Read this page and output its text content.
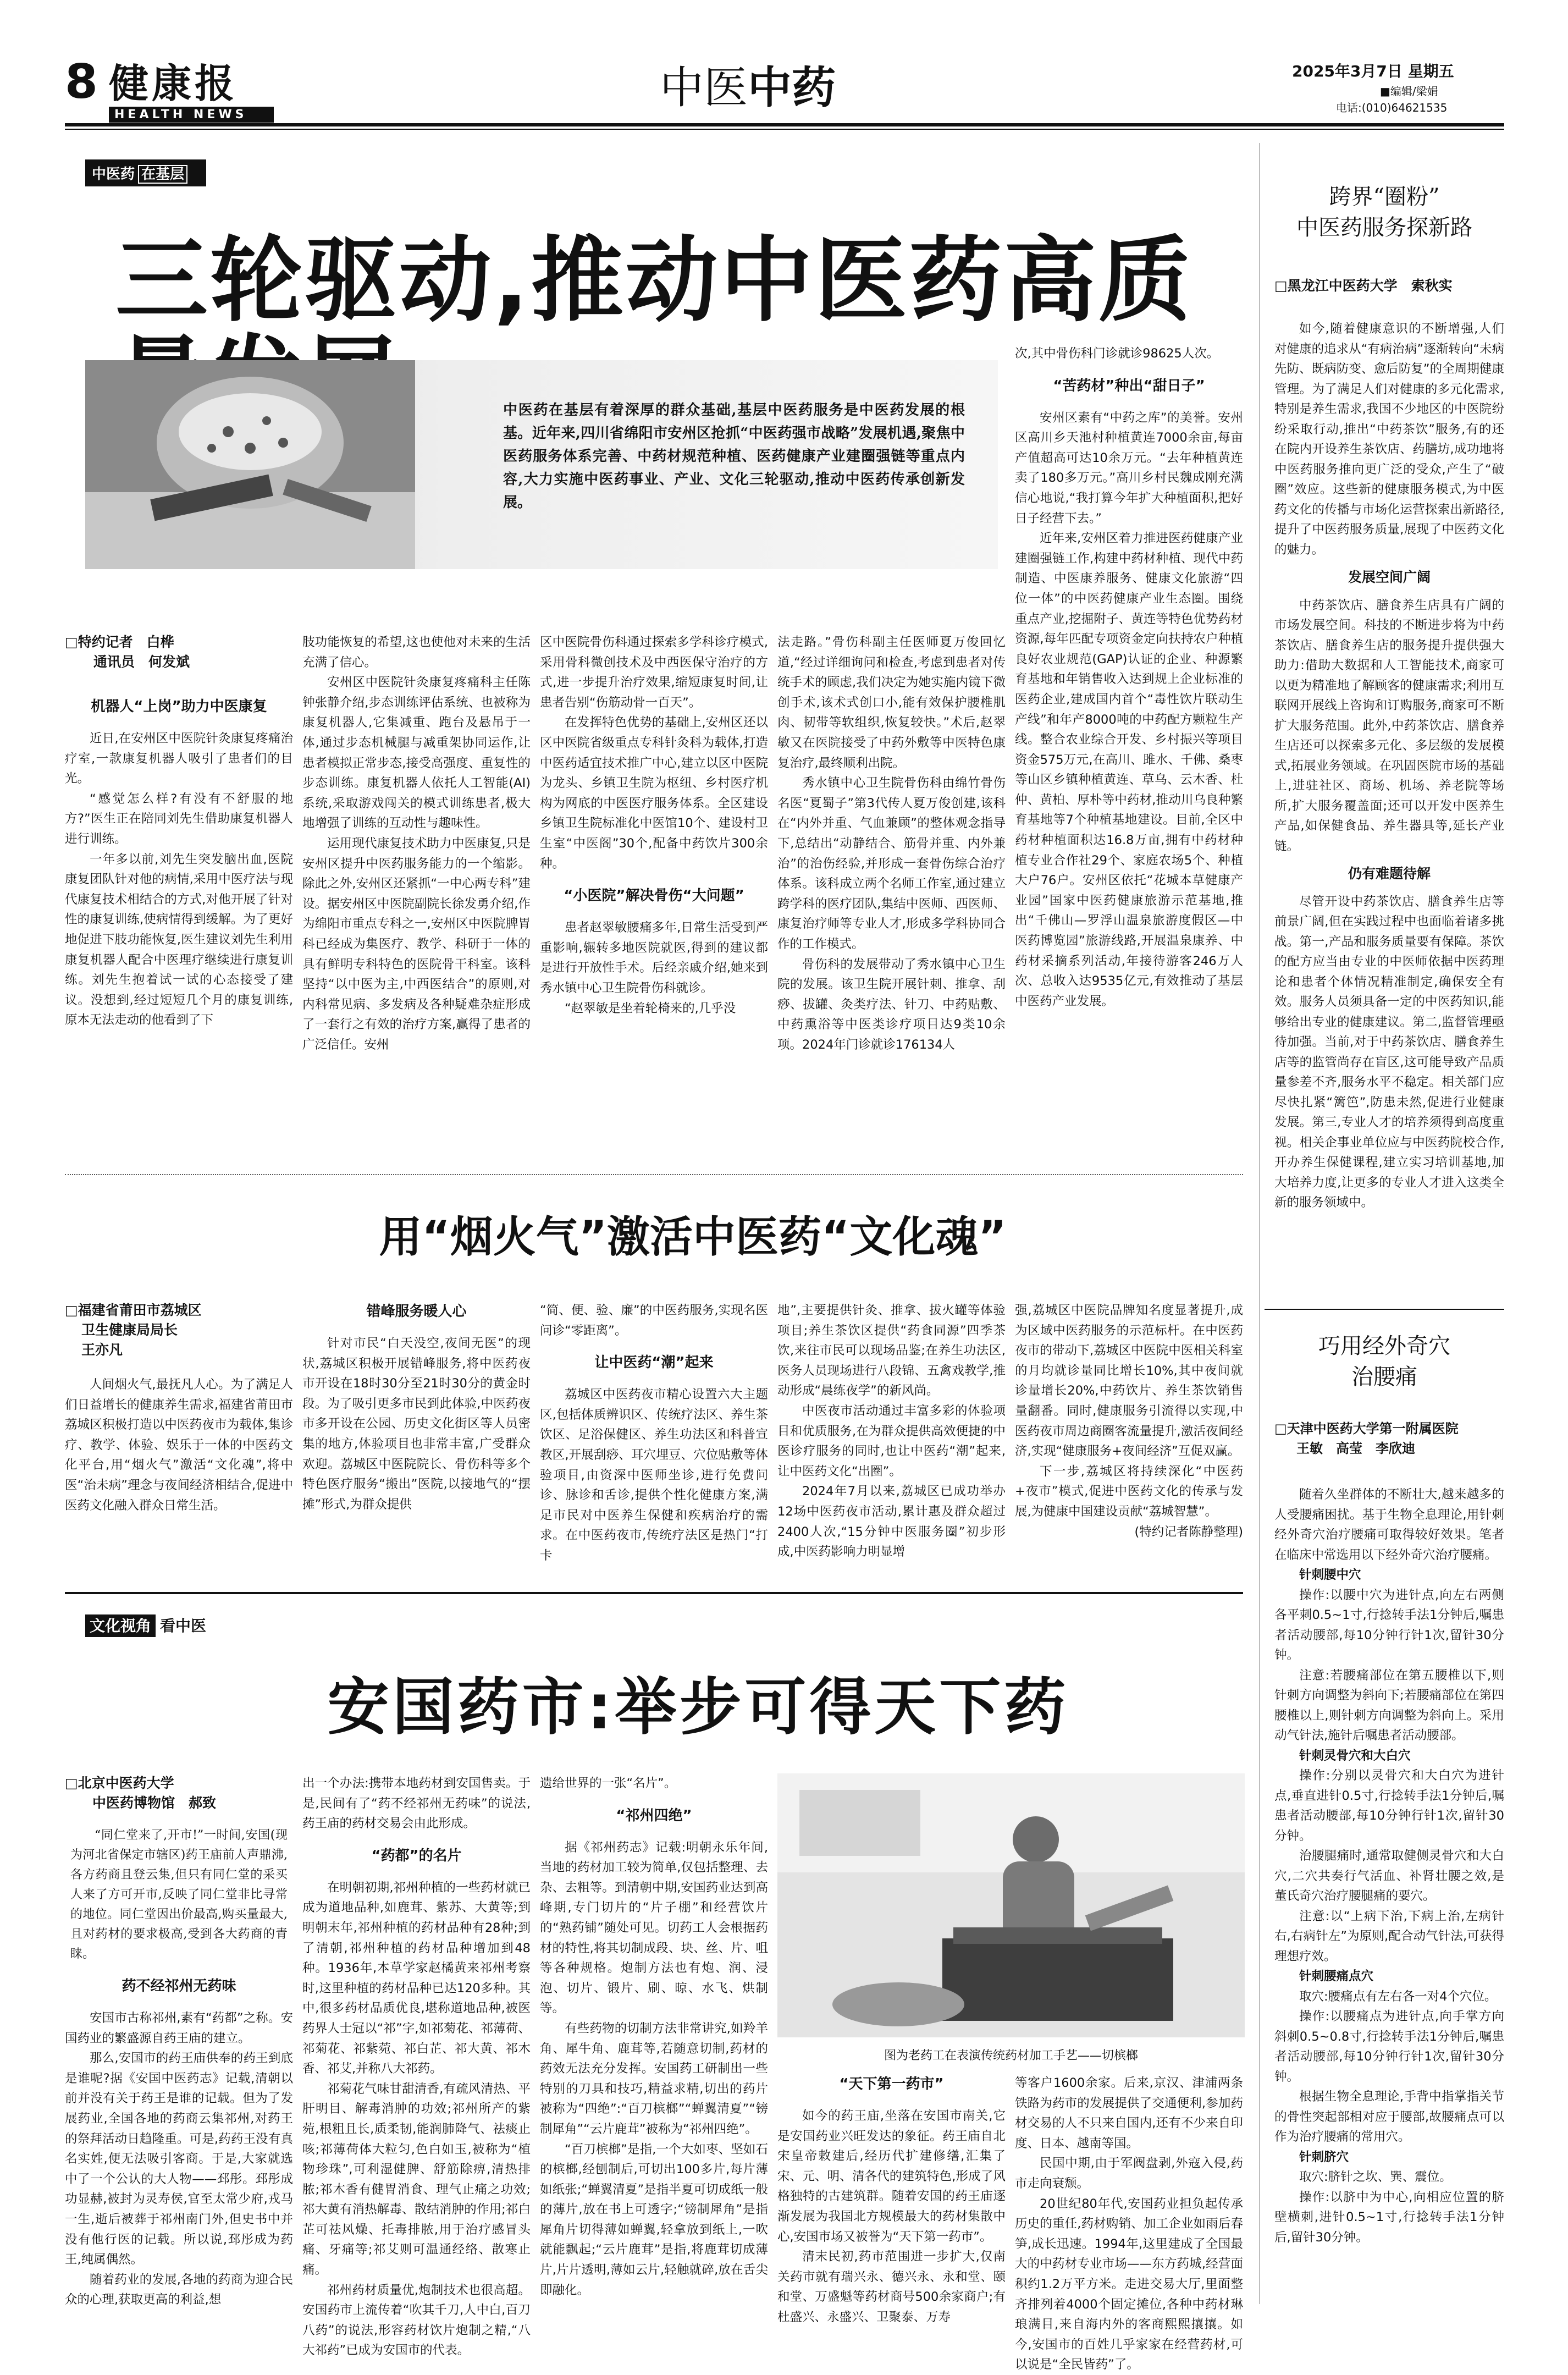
8 健康报
HEALTH NEWS
中医中药	2025年3月7日 星期五
■编辑/梁娟
电话:(010)64621535
中医药 在基层
三轮驱动,推动中医药高质
中医药在基层有着深厚的群众基础,基层中医药服务是中医药发展的根基。近年来,四川省绵阳市安州区抢抓“中医药强市战略”发展机遇,聚焦中医药服务体系完善、中药材规范种植、医药健康产业建圈强链等重点内容,大力实施中医药事业、产业、文化三轮驱动,推动中医药传承创新发展。
□特约记者　白桦
通讯员　何发斌
机器人“上岗”助力中医康复

近日,在安州区中医院针灸康复疼痛治疗室,一款康复机器人吸引了患者们的目光。

“感觉怎么样?有没有不舒服的地方?”医生正在陪同刘先生借助康复机器人进行训练。

一年多以前,刘先生突发脑出血,医院康复团队针对他的病情,采用中医疗法与现代康复技术相结合的方式,对他开展了针对性的康复训练,使病情得到缓解。为了更好地促进下肢功能恢复,医生建议刘先生利用康复机器人配合中医理疗继续进行康复训练。刘先生抱着试一试的心态接受了建议。没想到,经过短短几个月的康复训练,原本无法走动的他看到了下

肢功能恢复的希望,这也使他对未来的生活充满了信心。

安州区中医院针灸康复疼痛科主任陈钟张静介绍,步态训练评估系统、也被称为康复机器人,它集减重、跑台及悬吊于一体,通过步态机械腿与减重架协同运作,让患者模拟正常步态,接受高强度、重复性的步态训练。康复机器人依托人工智能(AI)系统,采取游戏闯关的模式训练患者,极大地增强了训练的互动性与趣味性。

运用现代康复技术助力中医康复,只是安州区提升中医药服务能力的一个缩影。除此之外,安州区还紧抓“一中心两专科”建设。据安州区中医院副院长徐发勇介绍,作为绵阳市重点专科之一,安州区中医院脾胃科已经成为集医疗、教学、科研于一体的具有鲜明专科特色的医院骨干科室。该科坚持“以中医为主,中西医结合”的原则,对内科常见病、多发病及各种疑难杂症形成了一套行之有效的治疗方案,赢得了患者的广泛信任。安州

区中医院骨伤科通过探索多学科诊疗模式,采用骨科微创技术及中西医保守治疗的方式,进一步提升治疗效果,缩短康复时间,让患者告别“伤筋动骨一百天”。

在发挥特色优势的基础上,安州区还以区中医院省级重点专科针灸科为载体,打造中医药适宜技术推广中心,建立以区中医院为龙头、乡镇卫生院为枢纽、乡村医疗机构为网底的中医医疗服务体系。全区建设乡镇卫生院标准化中医馆10个、建设村卫生室“中医阁”30个,配备中药饮片300余种。

“小医院”解决骨伤“大问题”

患者赵翠敏腰痛多年,日常生活受到严重影响,辗转多地医院就医,得到的建议都是进行开放性手术。后经亲戚介绍,她来到秀水镇中心卫生院骨伤科就诊。

“赵翠敏是坐着轮椅来的,几乎没

法走路。”骨伤科副主任医师夏万俊回忆道,“经过详细询问和检查,考虑到患者对传统手术的顾虑,我们决定为她实施内镜下微创手术,该术式创口小,能有效保护腰椎肌肉、韧带等软组织,恢复较快。”术后,赵翠敏又在医院接受了中药外敷等中医特色康复治疗,最终顺利出院。

秀水镇中心卫生院骨伤科由绵竹骨伤名医“夏蜀子”第3代传人夏万俊创建,该科在“内外并重、气血兼顾”的整体观念指导下,总结出“动静结合、筋骨并重、内外兼治”的治伤经验,并形成一套骨伤综合治疗体系。该科成立两个名师工作室,通过建立跨学科的医疗团队,集结中医师、西医师、康复治疗师等专业人才,形成多学科协同合作的工作模式。

骨伤科的发展带动了秀水镇中心卫生院的发展。该卫生院开展针刺、推拿、刮痧、拔罐、灸类疗法、针刀、中药贴敷、中药熏浴等中医类诊疗项目达9类10余项。2024年门诊就诊176134人

次,其中骨伤科门诊就诊98625人次。

“苦药材”种出“甜日子”

安州区素有“中药之库”的美誉。安州区高川乡天池村种植黄连7000余亩,每亩产值超高可达10余万元。“去年种植黄连卖了180多万元。”高川乡村民魏成刚充满信心地说,“我打算今年扩大种植面积,把好日子经营下去。”

近年来,安州区着力推进医药健康产业建圈强链工作,构建中药材种植、现代中药制造、中医康养服务、健康文化旅游“四位一体”的中医药健康产业生态圈。围绕重点产业,挖掘附子、黄连等特色优势药材资源,每年匹配专项资金定向扶持农户种植良好农业规范(GAP)认证的企业、种源繁育基地和年销售收入达到规上企业标准的医药企业,建成国内首个“毒性饮片联动生产线”和年产8000吨的中药配方颗粒生产线。整合农业综合开发、乡村振兴等项目资金575万元,在高川、雎水、千佛、桑枣等山区乡镇种植黄连、草乌、云木香、杜仲、黄柏、厚朴等中药材,推动川乌良种繁育基地等7个种植基地建设。目前,全区中药材种植面积达16.8万亩,拥有中药材种植专业合作社29个、家庭农场5个、种植大户76户。安州区依托“花城本草健康产业园”国家中医药健康旅游示范基地,推出“千佛山—罗浮山温泉旅游度假区—中医药博览园”旅游线路,开展温泉康养、中药材采摘系列活动,年接待游客246万人次、总收入达9535亿元,有效推动了基层中医药产业发展。

用“烟火气”激活中医药“文化魂”
□福建省莆田市荔城区
卫生健康局局长
王亦凡

人间烟火气,最抚凡人心。为了满足人们日益增长的健康养生需求,福建省莆田市荔城区积极打造以中医药夜市为载体,集诊疗、教学、体验、娱乐于一体的中医药文化平台,用“烟火气”激活“文化魂”,将中医“治未病”理念与夜间经济相结合,促进中医药文化融入群众日常生活。

错峰服务暖人心

针对市民“白天没空,夜间无医”的现状,荔城区积极开展错峰服务,将中医药夜市开设在18时30分至21时30分的黄金时段。为了吸引更多市民到此体验,中医药夜市多开设在公园、历史文化街区等人员密集的地方,体验项目也非常丰富,广受群众欢迎。荔城区中医院院长、骨伤科等多个特色医疗服务“搬出”医院,以接地气的“摆摊”形式,为群众提供

“简、便、验、廉”的中医药服务,实现名医问诊“零距离”。

让中医药“潮”起来

荔城区中医药夜市精心设置六大主题区,包括体质辨识区、传统疗法区、养生茶饮区、足浴保健区、养生功法区和科普宣教区,开展刮痧、耳穴埋豆、穴位贴敷等体验项目,由资深中医师坐诊,进行免费问诊、脉诊和舌诊,提供个性化健康方案,满足市民对中医养生保健和疾病治疗的需求。在中医药夜市,传统疗法区是热门“打卡

地”,主要提供针灸、推拿、拔火罐等体验项目;养生茶饮区提供“药食同源”四季茶饮,来往市民可以现场品鉴;在养生功法区,医务人员现场进行八段锦、五禽戏教学,推动形成“晨练夜学”的新风尚。

中医夜市活动通过丰富多彩的体验项目和优质服务,在为群众提供高效便捷的中医诊疗服务的同时,也让中医药“潮”起来,让中医药文化“出圈”。

2024年7月以来,荔城区已成功举办12场中医药夜市活动,累计惠及群众超过2400人次,“15分钟中医服务圈”初步形成,中医药影响力明显增

强,荔城区中医院品牌知名度显著提升,成为区域中医药服务的示范标杆。在中医药夜市的带动下,荔城区中医院中医相关科室的月均就诊量同比增长10%,其中夜间就诊量增长20%,中药饮片、养生茶饮销售量翻番。同时,健康服务引流得以实现,中医药夜市周边商圈客流量提升,激活夜间经济,实现“健康服务+夜间经济”互促双赢。

下一步,荔城区将持续深化“中医药+夜市”模式,促进中医药文化的传承与发展,为健康中国建设贡献“荔城智慧”。

(特约记者陈静整理)
文化视角 看中医
安国药市:举步可得天下药
□北京中医药大学
中医药博物馆　郝致

“同仁堂来了,开市!”一时间,安国(现为河北省保定市辖区)药王庙前人声鼎沸,各方药商且登云集,但只有同仁堂的采买人来了方可开市,反映了同仁堂非比寻常的地位。同仁堂因出价最高,购买量最大,且对药材的要求极高,受到各大药商的青睐。

药不经祁州无药味

安国市古称祁州,素有“药都”之称。安国药业的繁盛源自药王庙的建立。

那么,安国市的药王庙供奉的药王到底是谁呢?据《安国中医药志》记载,清朝以前并没有关于药王是谁的记载。但为了发展药业,全国各地的药商云集祁州,对药王的祭拜活动日趋隆重。可是,药药王没有真名实姓,便无法吸引客商。于是,大家就选中了一个公认的大人物——邳彤。邳彤成功显赫,被封为灵寿侯,官至太常少府,戎马一生,逝后被葬于祁州南门外,但史书中并没有他行医的记载。所以说,邳彤成为药王,纯属偶然。

随着药业的发展,各地的药商为迎合民众的心理,获取更高的利益,想

出一个办法:携带本地药材到安国售卖。于是,民间有了“药不经祁州无药味”的说法,药王庙的药材交易会由此形成。

“药都”的名片

在明朝初期,祁州种植的一些药材就已成为道地品种,如鹿茸、紫苏、大黄等;到明朝末年,祁州种植的药材品种有28种;到了清朝,祁州种植的药材品种增加到48种。1936年,本草学家赵橘黄来祁州考察时,这里种植的药材品种已达120多种。其中,很多药材品质优良,堪称道地品种,被医药界人士冠以“祁”字,如祁菊花、祁薄荷、祁菊花、祁紫菀、祁白芷、祁大黄、祁木香、祁艾,并称八大祁药。

祁菊花气味甘甜清香,有疏风清热、平肝明目、解毒消肿的功效;祁州所产的紫菀,根粗且长,质柔韧,能润肺降气、祛痰止咳;祁薄荷体大粒匀,色白如玉,被称为“植物珍珠”,可利湿健脾、舒筋除痹,清热排脓;祁木香有健胃消食、理气止痛之功效;祁大黄有消热解毒、散结消肿的作用;祁白芷可祛风燥、托毒排脓,用于治疗感冒头痛、牙痛等;祁艾则可温通经络、散寒止痛。

祁州药材质量优,炮制技术也很高超。安国药市上流传着“吹其千刀,人中白,百刀八药”的说法,形容药材饮片炮制之精,“八大祁药”已成为安国市的代表。

遗给世界的一张“名片”。

“祁州四绝”

据《祁州药志》记载:明朝永乐年间,当地的药材加工较为简单,仅包括整理、去杂、去粗等。到清朝中期,安国药业达到高峰期,专门切片的“片子棚”和经营饮片的“熟药铺”随处可见。切药工人会根据药材的特性,将其切制成段、块、丝、片、咀等各种规格。炮制方法也有炮、润、浸泡、切片、锻片、刷、晾、水飞、烘制等。

有些药物的切制方法非常讲究,如羚羊角、犀牛角、鹿茸等,若随意切制,药材的药效无法充分发挥。安国药工研制出一些特别的刀具和技巧,精益求精,切出的药片被称为“四绝”:“百刀槟榔”“蝉翼清夏”“镑制犀角”“云片鹿茸”被称为“祁州四绝”。

“百刀槟榔”是指,一个大如枣、坚如石的槟榔,经刨制后,可切出100多片,每片薄如纸张;“蝉翼清夏”是指半夏可切成纸一般的薄片,放在书上可透字;“镑制犀角”是指犀角片切得薄如蝉翼,轻拿放到纸上,一吹就能飘起;“云片鹿茸”是指,将鹿茸切成薄片,片片透明,薄如云片,轻触就碎,放在舌尖即融化。

图为老药工在表演传统药材加工手艺——切槟榔
“天下第一药市”

如今的药王庙,坐落在安国市南关,它是安国药业兴旺发达的象征。药王庙自北宋皇帝敕建后,经历代扩建修缮,汇集了宋、元、明、清各代的建筑特色,形成了风格独特的古建筑群。随着安国的药王庙逐渐发展为我国北方规模最大的药材集散中心,安国市场又被誉为“天下第一药市”。

清末民初,药市范围进一步扩大,仅南关药市就有瑞兴永、德兴永、永和堂、颐和堂、万盛魁等药材商号500余家商户;有杜盛兴、永盛兴、卫聚泰、万寿

等客户1600余家。后来,京汉、津浦两条铁路为药市的发展提供了交通便利,参加药材交易的人不只来自国内,还有不少来自印度、日本、越南等国。

民国中期,由于军阀盘剥,外寇入侵,药市走向衰颓。

20世纪80年代,安国药业担负起传承历史的重任,药材购销、加工企业如雨后春笋,成长迅速。1994年,这里建成了全国最大的中药材专业市场——东方药城,经营面积约1.2万平方米。走进交易大厅,里面整齐排列着4000个固定摊位,各种中药材琳琅满目,来自海内外的客商熙熙攘攘。如今,安国市的百姓几乎家家在经营药材,可以说是“全民皆药”了。

跨界“圈粉”
中医药服务探新路
□黑龙江中医药大学　索秋实

如今,随着健康意识的不断增强,人们对健康的追求从“有病治病”逐渐转向“未病先防、既病防变、愈后防复”的全周期健康管理。为了满足人们对健康的多元化需求,特别是养生需求,我国不少地区的中医院纷纷采取行动,推出“中药茶饮”服务,有的还在院内开设养生茶饮店、药膳坊,成功地将中医药服务推向更广泛的受众,产生了“破圈”效应。这些新的健康服务模式,为中医药文化的传播与市场化运营探索出新路径,提升了中医药服务质量,展现了中医药文化的魅力。

发展空间广阔

中药茶饮店、膳食养生店具有广阔的市场发展空间。科技的不断进步将为中药茶饮店、膳食养生店的服务提升提供强大助力:借助大数据和人工智能技术,商家可以更为精准地了解顾客的健康需求;利用互联网开展线上咨询和订购服务,商家可不断扩大服务范围。此外,中药茶饮店、膳食养生店还可以探索多元化、多层级的发展模式,拓展业务领域。在巩固医院市场的基础上,进驻社区、商场、机场、养老院等场所,扩大服务覆盖面;还可以开发中医养生产品,如保健食品、养生器具等,延长产业链。

仍有难题待解

尽管开设中药茶饮店、膳食养生店等前景广阔,但在实践过程中也面临着诸多挑战。第一,产品和服务质量要有保障。茶饮的配方应当由专业的中医师依据中医药理论和患者个体情况精准制定,确保安全有效。服务人员须具备一定的中医药知识,能够给出专业的健康建议。第二,监督管理亟待加强。当前,对于中药茶饮店、膳食养生店等的监管尚存在盲区,这可能导致产品质量参差不齐,服务水平不稳定。相关部门应尽快扎紧“篱笆”,防患未然,促进行业健康发展。第三,专业人才的培养须得到高度重视。相关企事业单位应与中医药院校合作,开办养生保健课程,建立实习培训基地,加大培养力度,让更多的专业人才进入这类全新的服务领域中。

巧用经外奇穴
治腰痛
□天津中医药大学第一附属医院
王敏　高莹　李欣迪

随着久坐群体的不断壮大,越来越多的人受腰痛困扰。基于生物全息理论,用针刺经外奇穴治疗腰痛可取得较好效果。笔者在临床中常选用以下经外奇穴治疗腰痛。

针刺腰中穴

操作:以腰中穴为进针点,向左右两侧各平刺0.5~1寸,行捻转手法1分钟后,嘱患者活动腰部,每10分钟行针1次,留针30分钟。

注意:若腰痛部位在第五腰椎以下,则针刺方向调整为斜向下;若腰痛部位在第四腰椎以上,则针刺方向调整为斜向上。采用动气针法,施针后嘱患者活动腰部。

针刺灵骨穴和大白穴

操作:分别以灵骨穴和大白穴为进针点,垂直进针0.5寸,行捻转手法1分钟后,嘱患者活动腰部,每10分钟行针1次,留针30分钟。

治腰腿痛时,通常取健侧灵骨穴和大白穴,二穴共奏行气活血、补肾壮腰之效,是董氏奇穴治疗腰腿痛的要穴。

注意:以“上病下治,下病上治,左病针右,右病针左”为原则,配合动气针法,可获得理想疗效。

针刺腰痛点穴

取穴:腰痛点有左右各一对4个穴位。

操作:以腰痛点为进针点,向手掌方向斜刺0.5~0.8寸,行捻转手法1分钟后,嘱患者活动腰部,每10分钟行针1次,留针30分钟。

根据生物全息理论,手背中指掌指关节的骨性突起部相对应于腰部,故腰痛点可以作为治疗腰痛的常用穴。

针刺脐穴

取穴:脐针之坎、巽、震位。

操作:以脐中为中心,向相应位置的脐壁横刺,进针0.5~1寸,行捻转手法1分钟后,留针30分钟。
